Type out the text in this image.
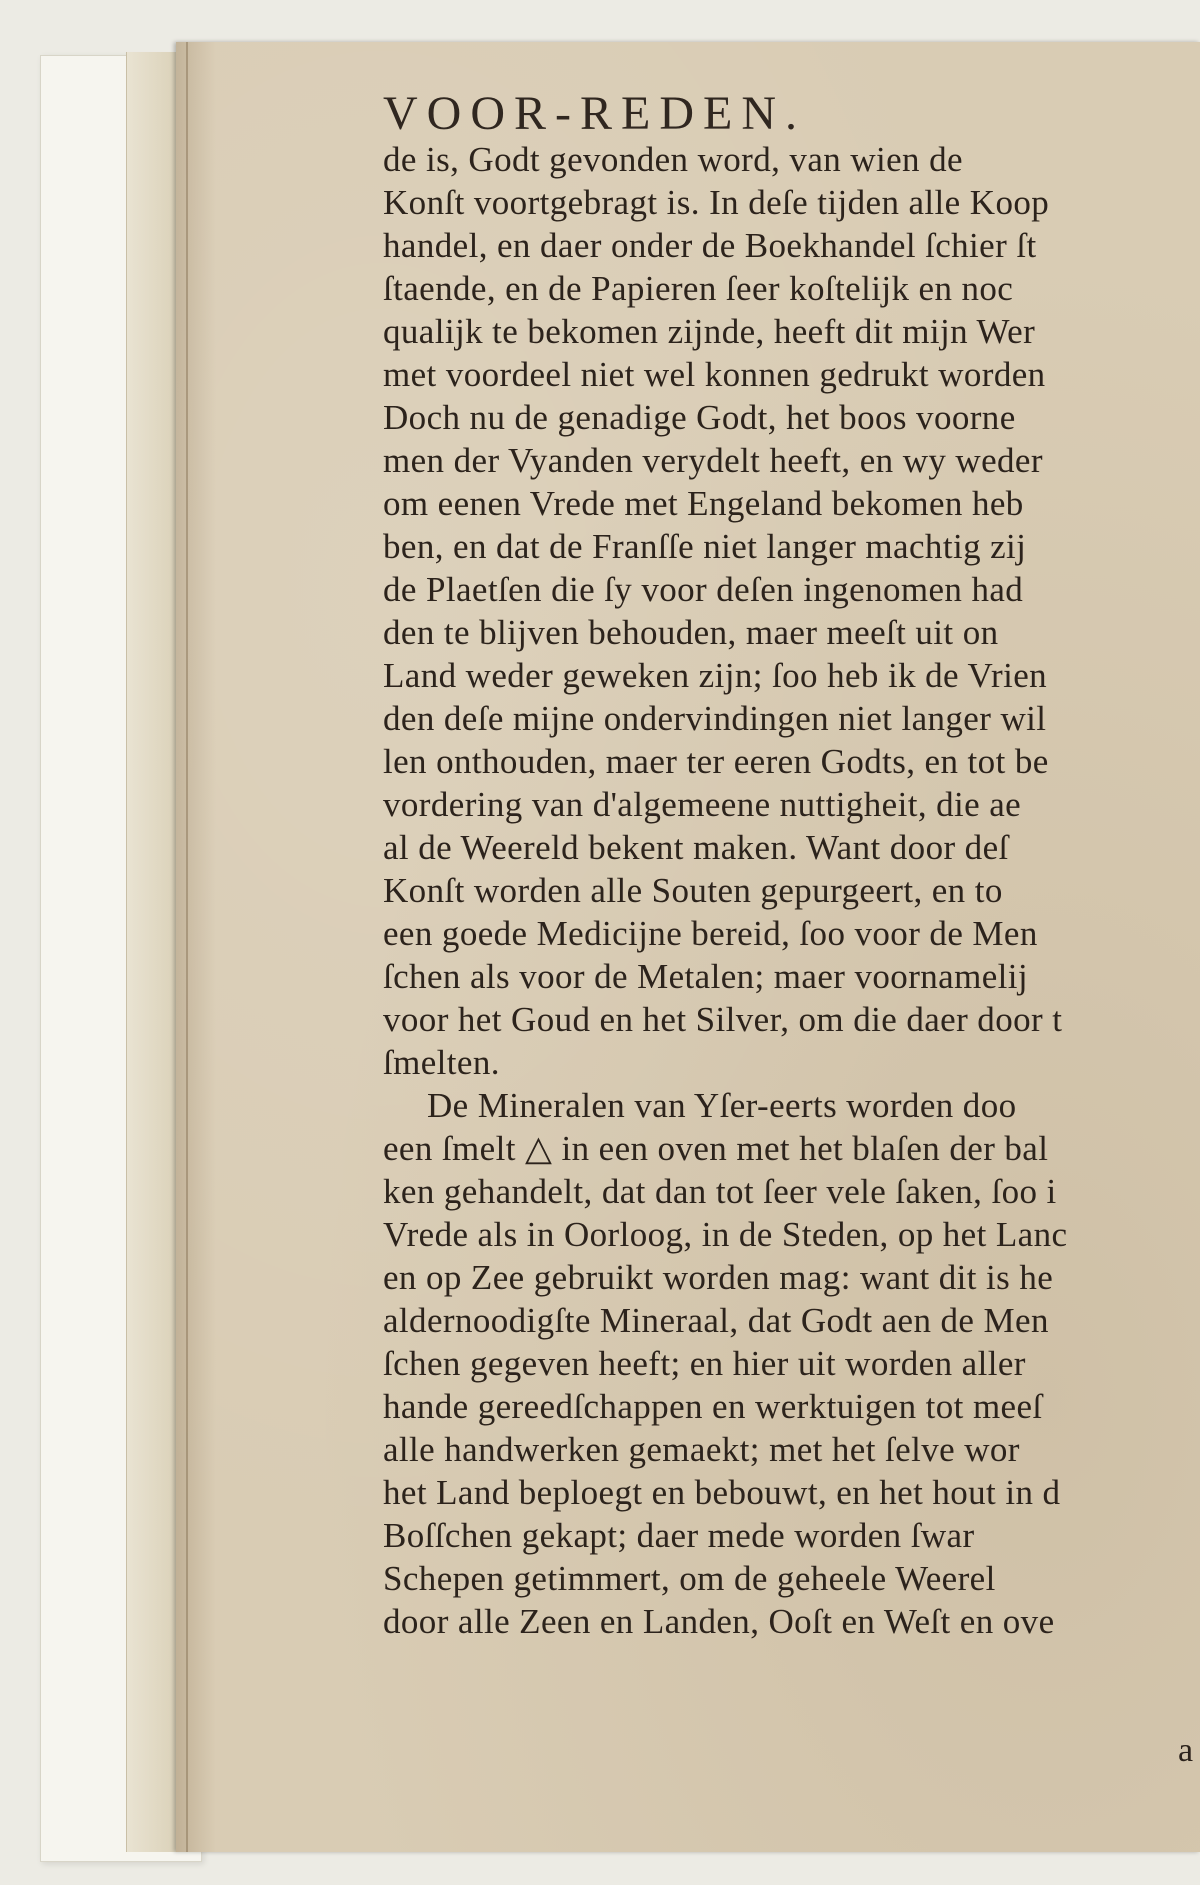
VOOR-REDEN.
de is, Godt gevonden word, van wien de
Konſt voortgebragt is. In deſe tijden alle Koop
handel, en daer onder de Boekhandel ſchier ſt
ſtaende, en de Papieren ſeer koſtelijk en noc
qualijk te bekomen zijnde, heeft dit mijn Wer
met voordeel niet wel konnen gedrukt worden
Doch nu de genadige Godt, het boos voorne
men der Vyanden verydelt heeft, en wy weder
om eenen Vrede met Engeland bekomen heb
ben, en dat de Franſſe niet langer machtig zij
de Plaetſen die ſy voor deſen ingenomen had
den te blijven behouden, maer meeſt uit on
Land weder geweken zijn; ſoo heb ik de Vrien
den deſe mijne ondervindingen niet langer wil
len onthouden, maer ter eeren Godts, en tot be
vordering van d'algemeene nuttigheit, die ae
al de Weereld bekent maken. Want door deſ
Konſt worden alle Souten gepurgeert, en to
een goede Medicijne bereid, ſoo voor de Men
ſchen als voor de Metalen; maer voornamelij
voor het Goud en het Silver, om die daer door t
ſmelten.
De Mineralen van Yſer-eerts worden doo
een ſmelt △ in een oven met het blaſen der bal
ken gehandelt, dat dan tot ſeer vele ſaken, ſoo i
Vrede als in Oorloog, in de Steden, op het Lanc
en op Zee gebruikt worden mag: want dit is he
aldernoodigſte Mineraal, dat Godt aen de Men
ſchen gegeven heeft; en hier uit worden aller
hande gereedſchappen en werktuigen tot meeſ
alle handwerken gemaekt; met het ſelve wor
het Land beploegt en bebouwt, en het hout in d
Boſſchen gekapt; daer mede worden ſwar
Schepen getimmert, om de geheele Weerel
door alle Zeen en Landen, Ooſt en Weſt en ove
a
